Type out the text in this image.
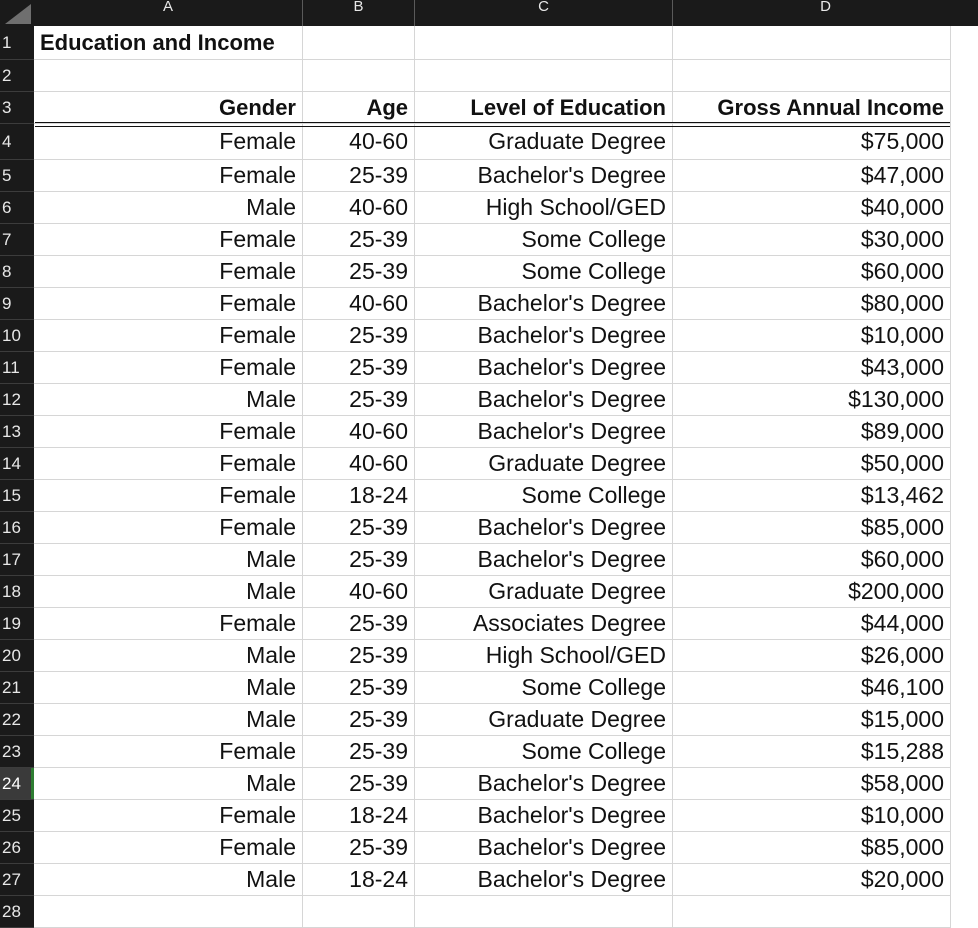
A	B	C	D
1
2
3
4
5
6
7
8
9
10
11
12
13
14
15
16
17
18
19
20
21
22
23
24
25
26
27
28
Education and Income
Gender	Age	Level of Education	Gross Annual Income
Female	40-60	Graduate Degree	$75,000
Female	25-39	Bachelor's Degree	$47,000
Male	40-60	High School/GED	$40,000
Female	25-39	Some College	$30,000
Female	25-39	Some College	$60,000
Female	40-60	Bachelor's Degree	$80,000
Female	25-39	Bachelor's Degree	$10,000
Female	25-39	Bachelor's Degree	$43,000
Male	25-39	Bachelor's Degree	$130,000
Female	40-60	Bachelor's Degree	$89,000
Female	40-60	Graduate Degree	$50,000
Female	18-24	Some College	$13,462
Female	25-39	Bachelor's Degree	$85,000
Male	25-39	Bachelor's Degree	$60,000
Male	40-60	Graduate Degree	$200,000
Female	25-39	Associates Degree	$44,000
Male	25-39	High School/GED	$26,000
Male	25-39	Some College	$46,100
Male	25-39	Graduate Degree	$15,000
Female	25-39	Some College	$15,288
Male	25-39	Bachelor's Degree	$58,000
Female	18-24	Bachelor's Degree	$10,000
Female	25-39	Bachelor's Degree	$85,000
Male	18-24	Bachelor's Degree	$20,000
